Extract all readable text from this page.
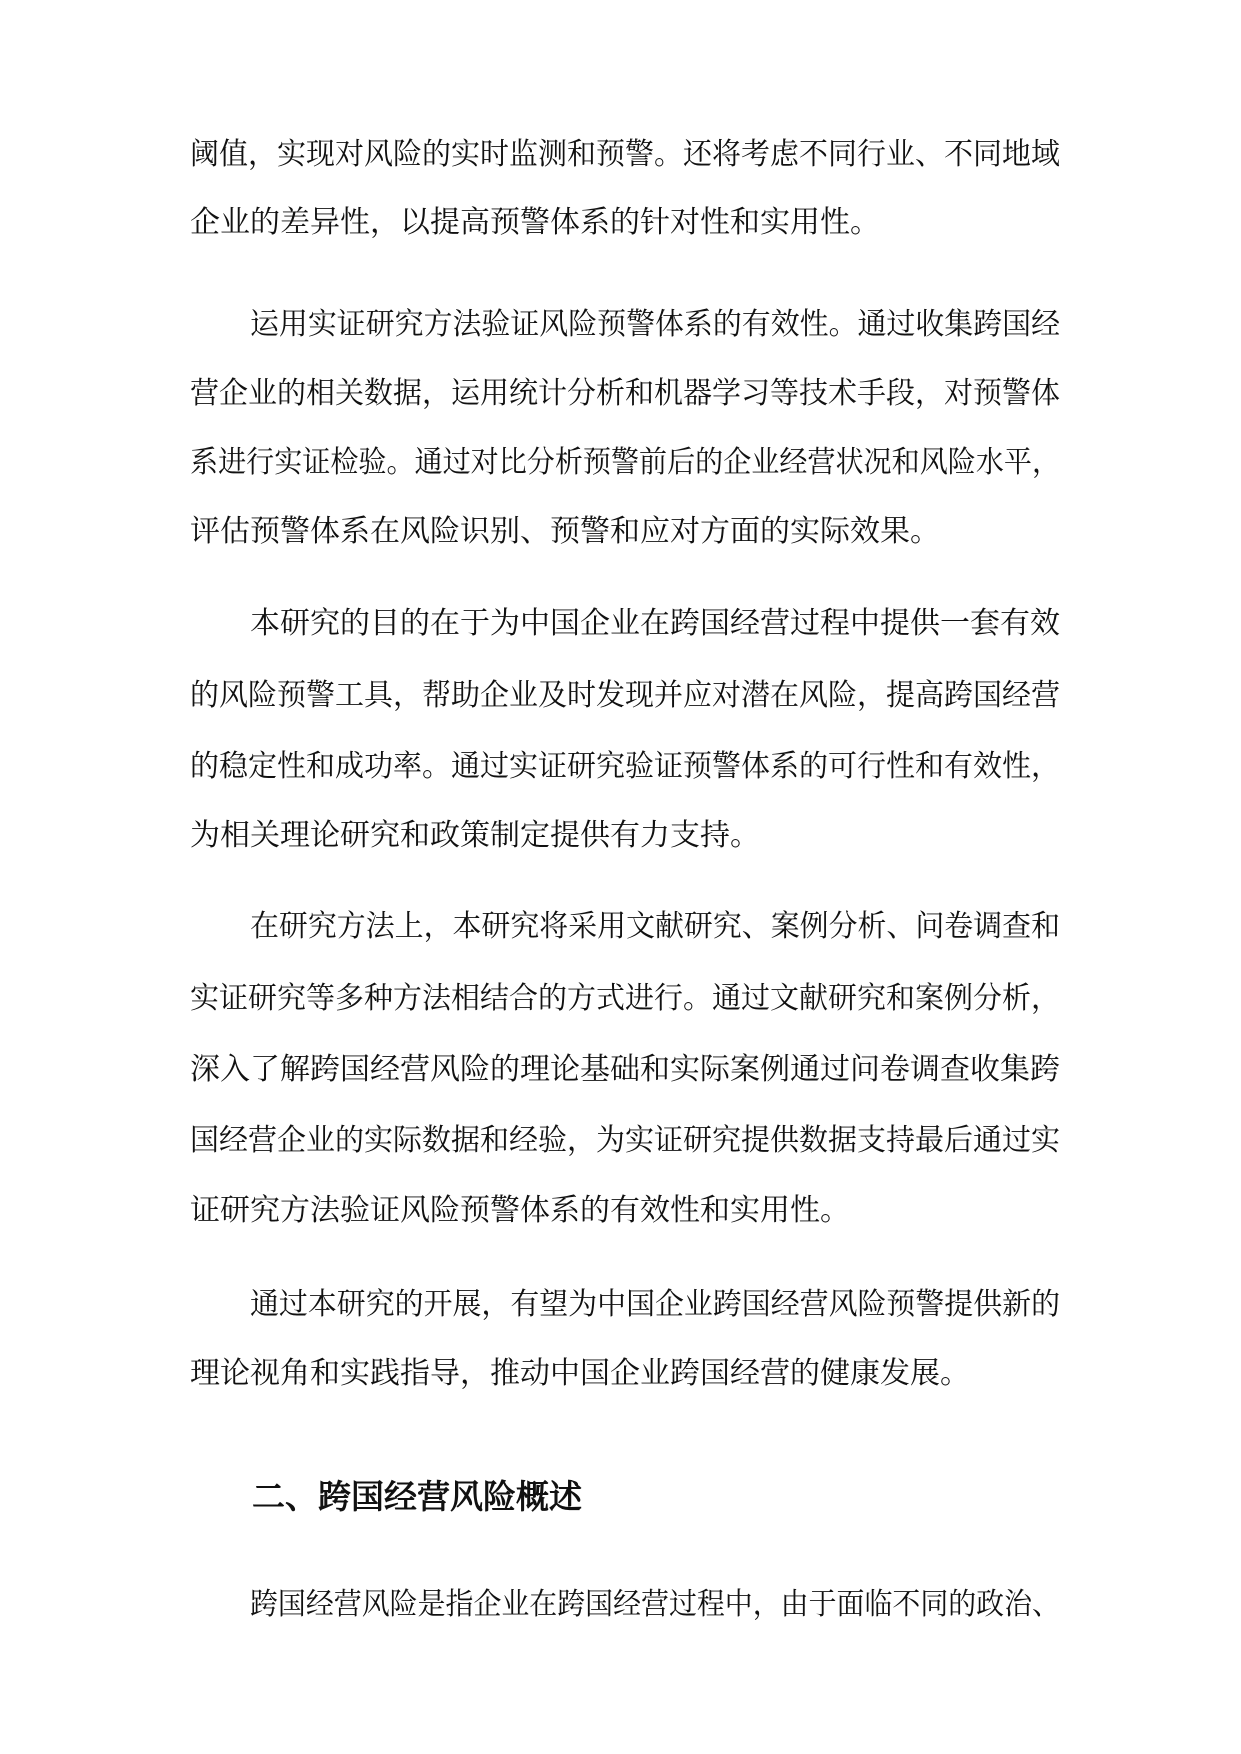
阈值，实现对风险的实时监测和预警。还将考虑不同行业、不同地域

企业的差异性，以提高预警体系的针对性和实用性。

运用实证研究方法验证风险预警体系的有效性。通过收集跨国经

营企业的相关数据，运用统计分析和机器学习等技术手段，对预警体

系进行实证检验。通过对比分析预警前后的企业经营状况和风险水平，

评估预警体系在风险识别、预警和应对方面的实际效果。

本研究的目的在于为中国企业在跨国经营过程中提供一套有效

的风险预警工具，帮助企业及时发现并应对潜在风险，提高跨国经营

的稳定性和成功率。通过实证研究验证预警体系的可行性和有效性，

为相关理论研究和政策制定提供有力支持。

在研究方法上，本研究将采用文献研究、案例分析、问卷调查和

实证研究等多种方法相结合的方式进行。通过文献研究和案例分析，

深入了解跨国经营风险的理论基础和实际案例通过问卷调查收集跨

国经营企业的实际数据和经验，为实证研究提供数据支持最后通过实

证研究方法验证风险预警体系的有效性和实用性。

通过本研究的开展，有望为中国企业跨国经营风险预警提供新的

理论视角和实践指导，推动中国企业跨国经营的健康发展。

二、跨国经营风险概述

跨国经营风险是指企业在跨国经营过程中，由于面临不同的政治、
